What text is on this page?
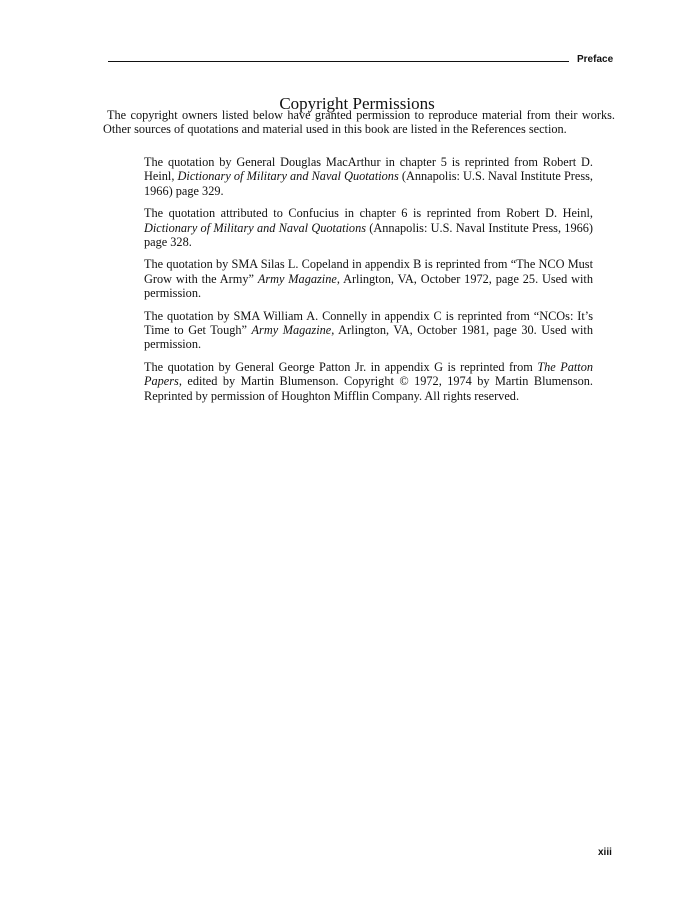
Preface
Copyright Permissions

The copyright owners listed below have granted permission to reproduce material from their works. Other sources of quotations and material used in this book are listed in the References section.

The quotation by General Douglas MacArthur in chapter 5 is reprinted from Robert D. Heinl, Dictionary of Military and Naval Quotations (Annapolis: U.S. Naval Institute Press, 1966) page 329.

The quotation attributed to Confucius in chapter 6 is reprinted from Robert D. Heinl, Dictionary of Military and Naval Quotations (Annapolis: U.S. Naval Institute Press, 1966) page 328.

The quotation by SMA Silas L. Copeland in appendix B is reprinted from “The NCO Must Grow with the Army” Army Magazine, Arlington, VA, October 1972, page 25. Used with permission.

The quotation by SMA William A. Connelly in appendix C is reprinted from “NCOs: It’s Time to Get Tough” Army Magazine, Arlington, VA, October 1981, page 30. Used with permission.

The quotation by General George Patton Jr. in appendix G is reprinted from The Patton Papers, edited by Martin Blumenson. Copyright © 1972, 1974 by Martin Blumenson. Reprinted by permission of Houghton Mifflin Company. All rights reserved.

xiii
